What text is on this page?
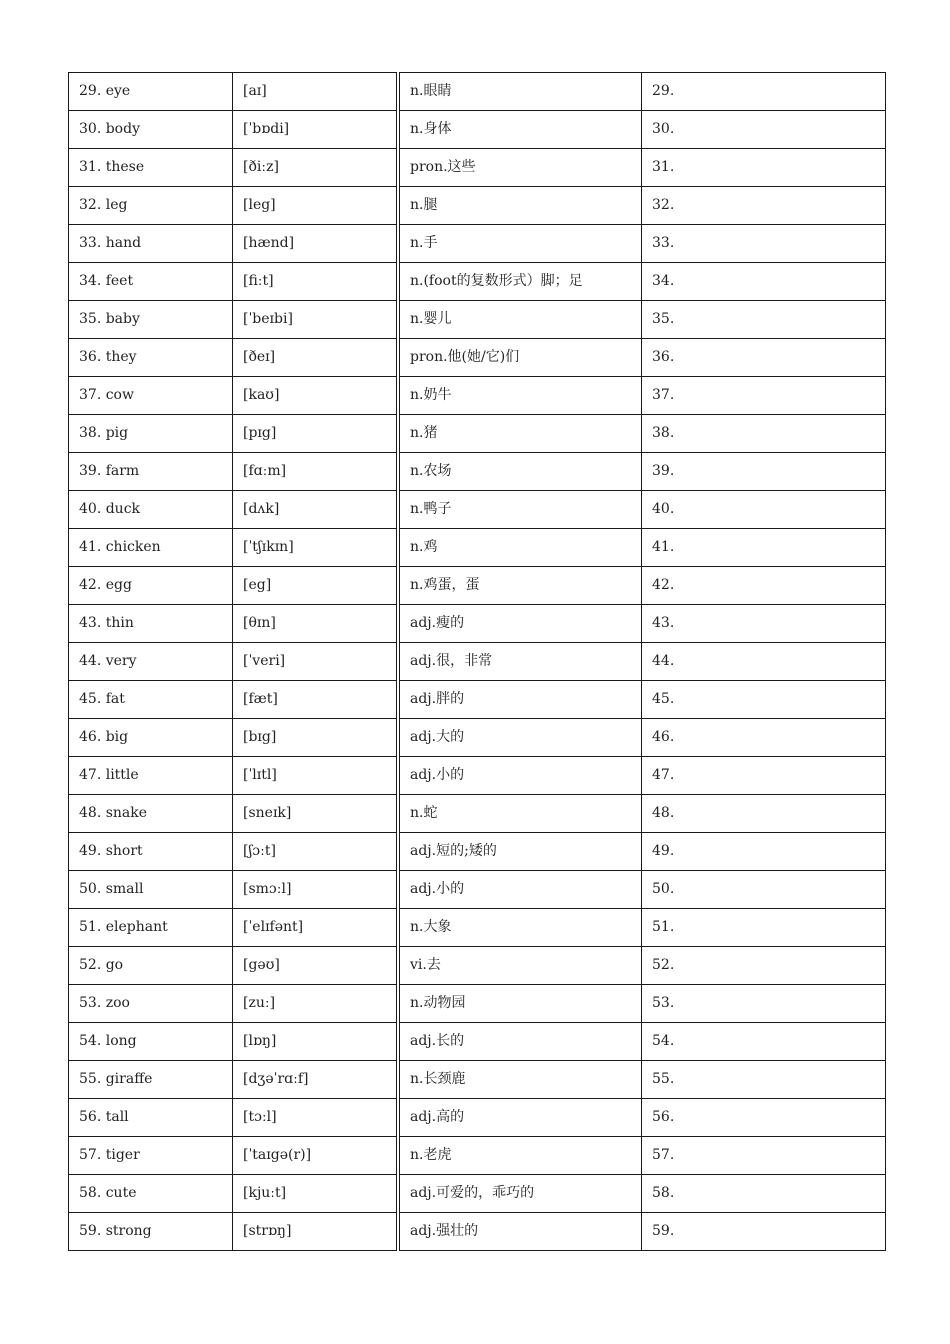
29. eye	[aɪ]	n.眼睛	29.
30. body	[ˈbɒdi]	n.身体	30.
31. these	[ðiːz]	pron.这些	31.
32. leg	[leg]	n.腿	32.
33. hand	[hænd]	n.手	33.
34. feet	[fiːt]	n.(foot的复数形式）脚；足	34.
35. baby	[ˈbeɪbi]	n.婴儿	35.
36. they	[ðeɪ]	pron.他(她/它)们	36.
37. cow	[kaʊ]	n.奶牛	37.
38. pig	[pɪg]	n.猪	38.
39. farm	[fɑːm]	n.农场	39.
40. duck	[dʌk]	n.鸭子	40.
41. chicken	[ˈtʃɪkɪn]	n.鸡	41.
42. egg	[eg]	n.鸡蛋，蛋	42.
43. thin	[θɪn]	adj.瘦的	43.
44. very	[ˈveri]	adj.很，非常	44.
45. fat	[fæt]	adj.胖的	45.
46. big	[bɪg]	adj.大的	46.
47. little	[ˈlɪtl]	adj.小的	47.
48. snake	[sneɪk]	n.蛇	48.
49. short	[ʃɔːt]	adj.短的;矮的	49.
50. small	[smɔːl]	adj.小的	50.
51. elephant	[ˈelɪfənt]	n.大象	51.
52. go	[gəʊ]	vi.去	52.
53. zoo	[zuː]	n.动物园	53.
54. long	[lɒŋ]	adj.长的	54.
55. giraffe	[dʒəˈrɑːf]	n.长颈鹿	55.
56. tall	[tɔːl]	adj.高的	56.
57. tiger	[ˈtaɪgə(r)]	n.老虎	57.
58. cute	[kjuːt]	adj.可爱的，乖巧的	58.
59. strong	[strɒŋ]	adj.强壮的	59.
